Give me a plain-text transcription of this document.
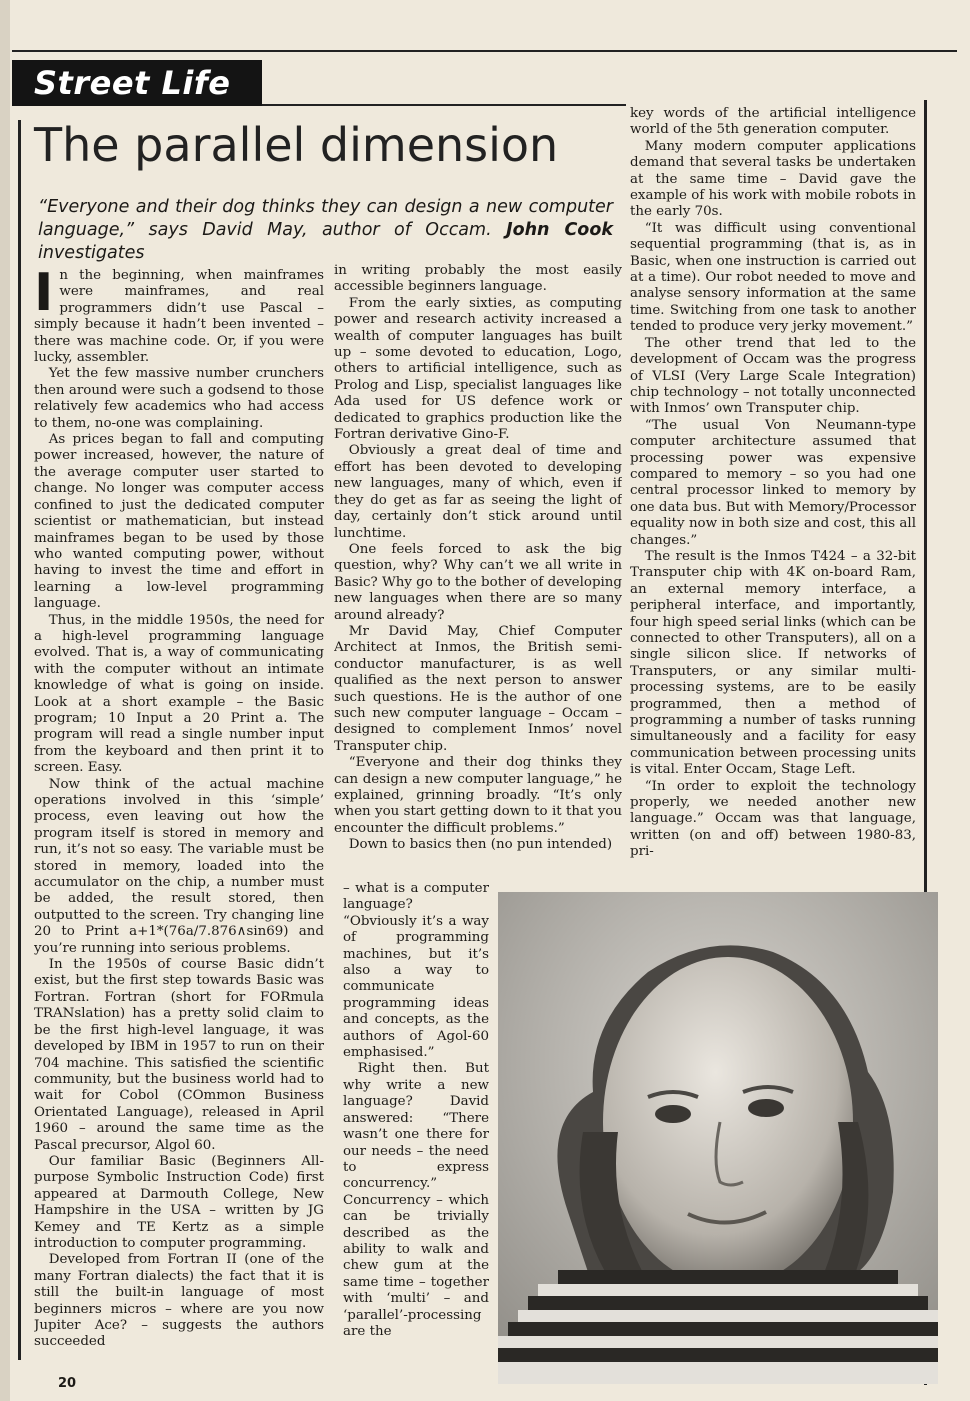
Street Life
The parallel dimension
“Everyone and their dog thinks they can design a new computer language,” says David May, author of Occam. John Cook investigates

In the beginning, when mainframes were mainframes, and real programmers didn’t use Pascal – simply because it hadn’t been invented – there was machine code. Or, if you were lucky, assembler.

Yet the few massive number crunchers then around were such a godsend to those relatively few academics who had access to them, no-one was complaining.

As prices began to fall and computing power increased, however, the nature of the average computer user started to change. No longer was computer access confined to just the dedicated computer scientist or mathematician, but instead mainframes began to be used by those who wanted computing power, without having to invest the time and effort in learning a low-level programming language.

Thus, in the middle 1950s, the need for a high-level programming language evolved. That is, a way of communicating with the computer without an intimate knowledge of what is going on inside. Look at a short example – the Basic program; 10 Input a 20 Print a. The program will read a single number input from the keyboard and then print it to screen. Easy.

Now think of the actual machine operations involved in this ‘simple’ process, even leaving out how the program itself is stored in memory and run, it’s not so easy. The variable must be stored in memory, loaded into the accumulator on the chip, a number must be added, the result stored, then outputted to the screen. Try changing line 20 to Print a+1*(76a/7.876∧sin69) and you’re running into serious problems.

In the 1950s of course Basic didn’t exist, but the first step towards Basic was Fortran. Fortran (short for FORmula TRANslation) has a pretty solid claim to be the first high-level language, it was developed by IBM in 1957 to run on their 704 machine. This satisfied the scientific community, but the business world had to wait for Cobol (COmmon Business Orientated Language), released in April 1960 – around the same time as the Pascal precursor, Algol 60.

Our familiar Basic (Beginners All-purpose Symbolic Instruction Code) first appeared at Darmouth College, New Hampshire in the USA – written by JG Kemey and TE Kertz as a simple introduction to computer programming.

Developed from Fortran II (one of the many Fortran dialects) the fact that it is still the built-in language of most beginners micros – where are you now Jupiter Ace? – suggests the authors succeeded

in writing probably the most easily accessible beginners language.

From the early sixties, as computing power and research activity increased a wealth of computer languages has built up – some devoted to education, Logo, others to artificial intelligence, such as Prolog and Lisp, specialist languages like Ada used for US defence work or dedicated to graphics production like the Fortran derivative Gino-F.

Obviously a great deal of time and effort has been devoted to developing new languages, many of which, even if they do get as far as seeing the light of day, certainly don’t stick around until lunchtime.

One feels forced to ask the big question, why? Why can’t we all write in Basic? Why go to the bother of developing new languages when there are so many around already?

Mr David May, Chief Computer Architect at Inmos, the British semi-conductor manufacturer, is as well qualified as the next person to answer such questions. He is the author of one such new computer language – Occam – designed to complement Inmos’ novel Transputer chip.

“Everyone and their dog thinks they can design a new computer language,” he explained, grinning broadly. “It’s only when you start getting down to it that you encounter the difficult problems.”

Down to basics then (no pun intended)

– what is a computer language? “Obviously it’s a way of programming machines, but it’s also a way to communicate programming ideas and concepts, as the authors of Agol-60 emphasised.”

Right then. But why write a new language? David answered: “There wasn’t one there for our needs – the need to express concurrency.” Concurrency – which can be trivially described as the ability to walk and chew gum at the same time – together with ‘multi’ – and ‘parallel’-processing are the

key words of the artificial intelligence world of the 5th generation computer.

Many modern computer applications demand that several tasks be undertaken at the same time – David gave the example of his work with mobile robots in the early 70s.

“It was difficult using conventional sequential programming (that is, as in Basic, when one instruction is carried out at a time). Our robot needed to move and analyse sensory information at the same time. Switching from one task to another tended to produce very jerky movement.”

The other trend that led to the development of Occam was the progress of VLSI (Very Large Scale Integration) chip technology – not totally unconnected with Inmos’ own Transputer chip.

“The usual Von Neumann-type computer architecture assumed that processing power was expensive compared to memory – so you had one central processor linked to memory by one data bus. But with Memory/Processor equality now in both size and cost, this all changes.”

The result is the Inmos T424 – a 32-bit Transputer chip with 4K on-board Ram, an external memory interface, a peripheral interface, and importantly, four high speed serial links (which can be connected to other Transputers), all on a single silicon slice. If networks of Transputers, or any similar multi-processing systems, are to be easily programmed, then a method of programming a number of tasks running simultaneously and a facility for easy communication between processing units is vital. Enter Occam, Stage Left.

“In order to exploit the technology properly, we needed another new language.” Occam was that language, written (on and off) between 1980-83, pri-

20
